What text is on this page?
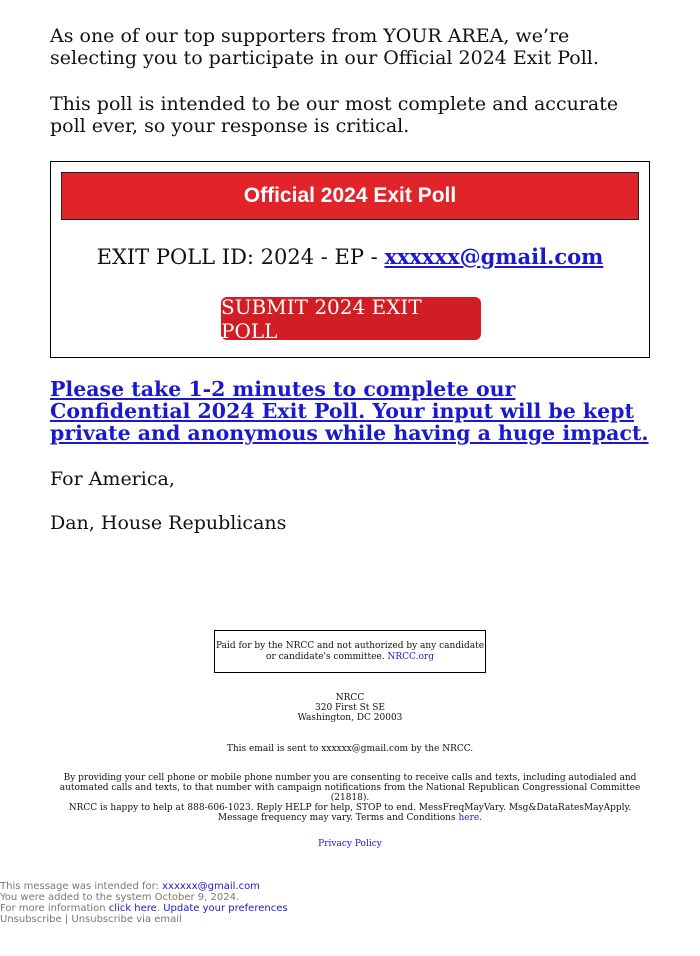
As one of our top supporters from YOUR AREA, we’re selecting you to participate in our Official 2024 Exit Poll.

This poll is intended to be our most complete and accurate poll ever, so your response is critical.

Official 2024 Exit Poll
EXIT POLL ID: 2024 - EP - xxxxxx@gmail.com
SUBMIT 2024 EXIT POLL
Please take 1-2 minutes to complete our Confidential 2024 Exit Poll. Your input will be kept private and anonymous while having a huge impact.

For America,

Dan, House Republicans

Paid for by the NRCC and not authorized by any candidate or candidate's committee. NRCC.org
NRCC
320 First St SE
Washington, DC 20003
This email is sent to xxxxxx@gmail.com by the NRCC.
By providing your cell phone or mobile phone number you are consenting to receive calls and texts, including autodialed and automated calls and texts, to that number with campaign notifications from the National Republican Congressional Committee (21818).
NRCC is happy to help at 888-606-1023. Reply HELP for help, STOP to end. MessFreqMayVary. Msg&DataRatesMayApply. Message frequency may vary. Terms and Conditions here.
Privacy Policy
This message was intended for: xxxxxx@gmail.com
You were added to the system October 9, 2024.
For more information click here. Update your preferences
Unsubscribe | Unsubscribe via email
